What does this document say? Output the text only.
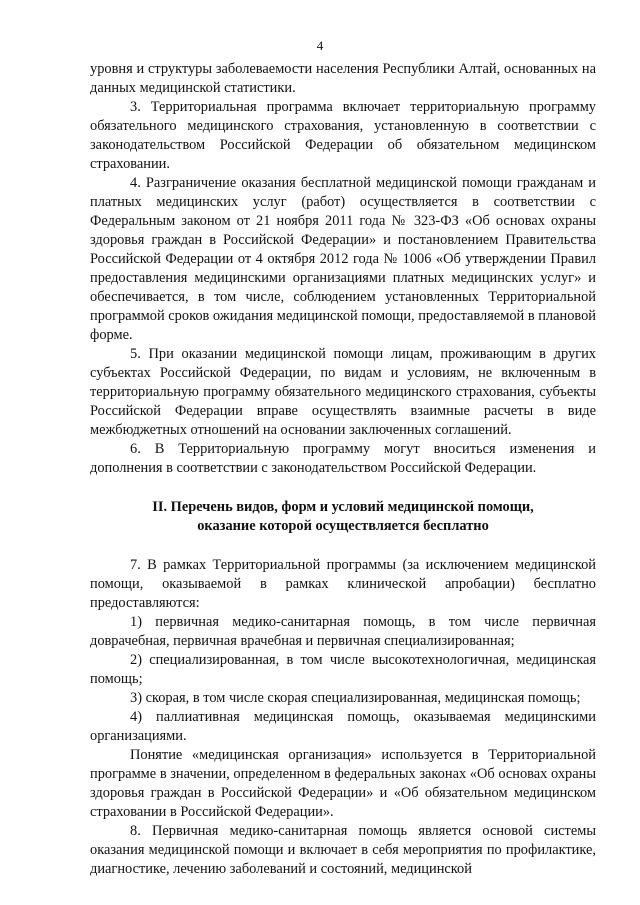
4

уровня и структуры заболеваемости населения Республики Алтай, основанных на данных медицинской статистики.

3. Территориальная программа включает территориальную программу обязательного медицинского страхования, установленную в соответствии с законодательством Российской Федерации об обязательном медицинском страховании.

4. Разграничение оказания бесплатной медицинской помощи гражданам и платных медицинских услуг (работ) осуществляется в соответствии с Федеральным законом от 21 ноября 2011 года № 323-ФЗ «Об основах охраны здоровья граждан в Российской Федерации» и постановлением Правительства Российской Федерации от 4 октября 2012 года № 1006 «Об утверждении Правил предоставления медицинскими организациями платных медицинских услуг» и обеспечивается, в том числе, соблюдением установленных Территориальной программой сроков ожидания медицинской помощи, предоставляемой в плановой форме.

5. При оказании медицинской помощи лицам, проживающим в других субъектах Российской Федерации, по видам и условиям, не включенным в территориальную программу обязательного медицинского страхования, субъекты Российской Федерации вправе осуществлять взаимные расчеты в виде межбюджетных отношений на основании заключенных соглашений.

6. В Территориальную программу могут вноситься изменения и дополнения в соответствии с законодательством Российской Федерации.

II. Перечень видов, форм и условий медицинской помощи,
оказание которой осуществляется бесплатно

7. В рамках Территориальной программы (за исключением медицинской помощи, оказываемой в рамках клинической апробации) бесплатно предоставляются:

1) первичная медико-санитарная помощь, в том числе первичная доврачебная, первичная врачебная и первичная специализированная;

2) специализированная, в том числе высокотехнологичная, медицинская помощь;

3) скорая, в том числе скорая специализированная, медицинская помощь;

4) паллиативная медицинская помощь, оказываемая медицинскими организациями.

Понятие «медицинская организация» используется в Территориальной программе в значении, определенном в федеральных законах «Об основах охраны здоровья граждан в Российской Федерации» и «Об обязательном медицинском страховании в Российской Федерации».

8. Первичная медико-санитарная помощь является основой системы оказания медицинской помощи и включает в себя мероприятия по профилактике, диагностике, лечению заболеваний и состояний, медицинской
